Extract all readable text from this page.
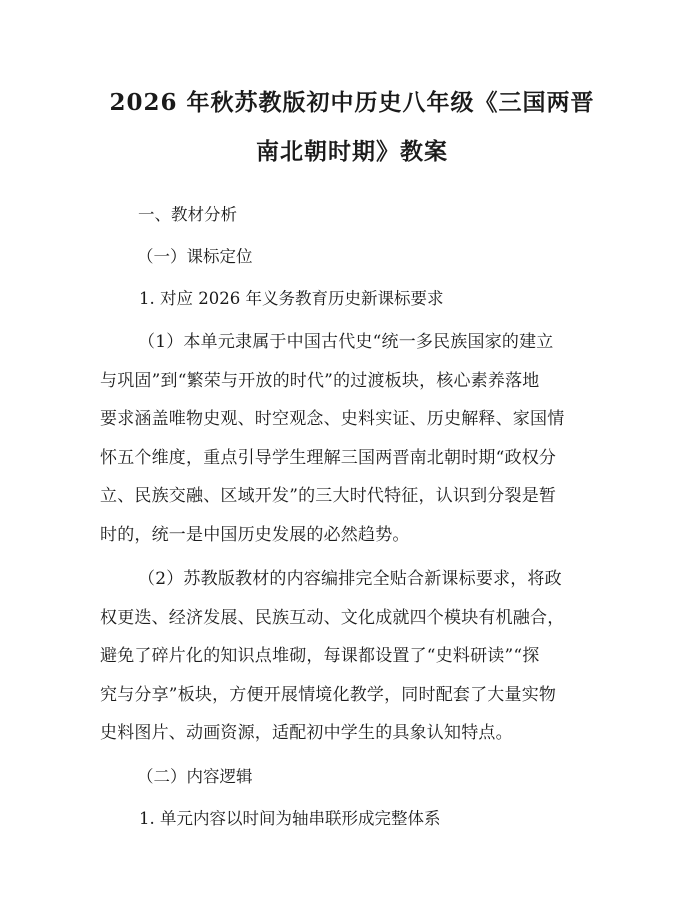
2026 年秋苏教版初中历史八年级《三国两晋
南北朝时期》教案

一、教材分析

（一）课标定位

1. 对应 2026 年义务教育历史新课标要求

（1）本单元隶属于中国古代史“统一多民族国家的建立
与巩固”到“繁荣与开放的时代”的过渡板块，核心素养落地
要求涵盖唯物史观、时空观念、史料实证、历史解释、家国情
怀五个维度，重点引导学生理解三国两晋南北朝时期“政权分
立、民族交融、区域开发”的三大时代特征，认识到分裂是暂
时的，统一是中国历史发展的必然趋势。
（2）苏教版教材的内容编排完全贴合新课标要求，将政
权更迭、经济发展、民族互动、文化成就四个模块有机融合，
避免了碎片化的知识点堆砌，每课都设置了“史料研读”“探
究与分享”板块，方便开展情境化教学，同时配套了大量实物
史料图片、动画资源，适配初中学生的具象认知特点。

（二）内容逻辑

1. 单元内容以时间为轴串联形成完整体系
